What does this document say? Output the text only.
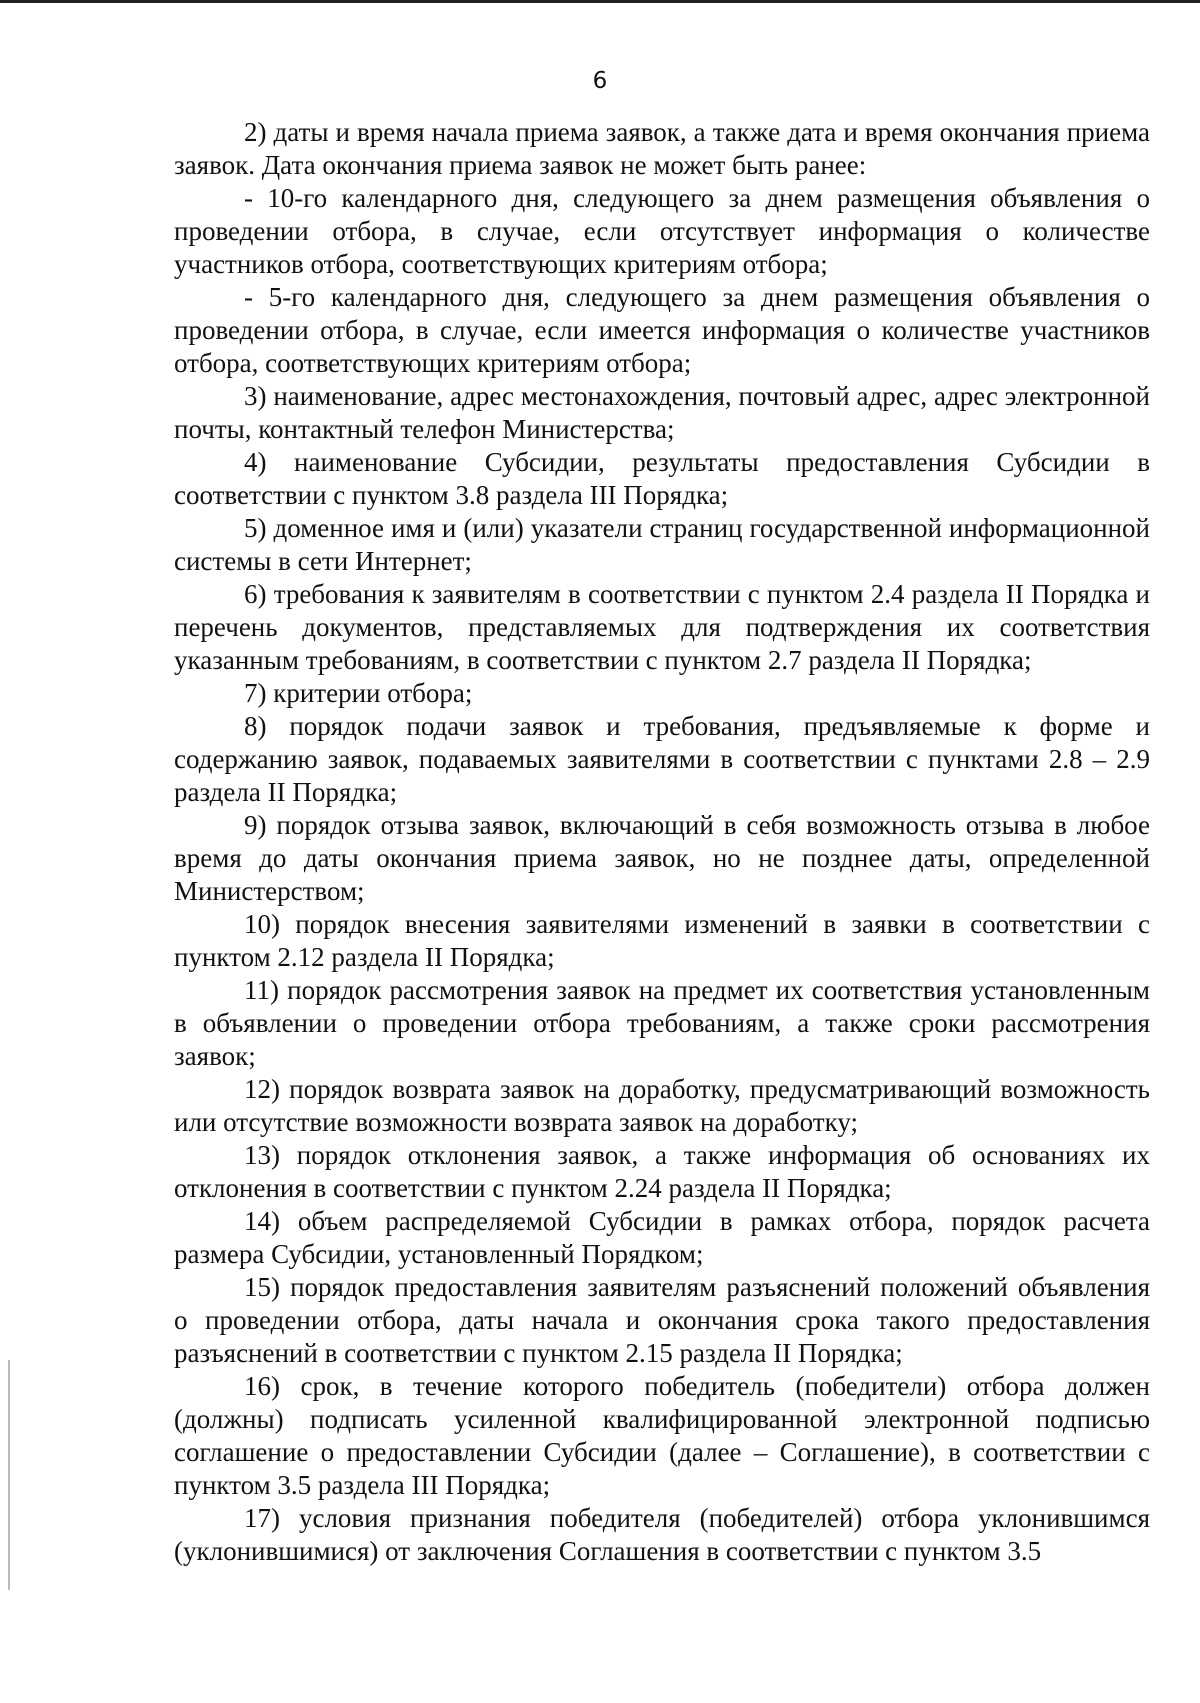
6

2) даты и время начала приема заявок, а также дата и время окончания приема заявок. Дата окончания приема заявок не может быть ранее:

- 10-го календарного дня, следующего за днем размещения объявления о проведении отбора, в случае, если отсутствует информация о количестве участников отбора, соответствующих критериям отбора;

- 5-го календарного дня, следующего за днем размещения объявления о проведении отбора, в случае, если имеется информация о количестве участников отбора, соответствующих критериям отбора;

3) наименование, адрес местонахождения, почтовый адрес, адрес электронной почты, контактный телефон Министерства;

4) наименование Субсидии, результаты предоставления Субсидии в соответствии с пунктом 3.8 раздела III Порядка;

5) доменное имя и (или) указатели страниц государственной информационной системы в сети Интернет;

6) требования к заявителям в соответствии с пунктом 2.4 раздела II Порядка и перечень документов, представляемых для подтверждения их соответствия указанным требованиям, в соответствии с пунктом 2.7 раздела II Порядка;

7) критерии отбора;

8) порядок подачи заявок и требования, предъявляемые к форме и содержанию заявок, подаваемых заявителями в соответствии с пунктами 2.8 – 2.9 раздела II Порядка;

9) порядок отзыва заявок, включающий в себя возможность отзыва в любое время до даты окончания приема заявок, но не позднее даты, определенной Министерством;

10) порядок внесения заявителями изменений в заявки в соответствии с пунктом 2.12 раздела II Порядка;

11) порядок рассмотрения заявок на предмет их соответствия установленным в объявлении о проведении отбора требованиям, а также сроки рассмотрения заявок;

12) порядок возврата заявок на доработку, предусматривающий возможность или отсутствие возможности возврата заявок на доработку;

13) порядок отклонения заявок, а также информация об основаниях их отклонения в соответствии с пунктом 2.24 раздела II Порядка;

14) объем распределяемой Субсидии в рамках отбора, порядок расчета размера Субсидии, установленный Порядком;

15) порядок предоставления заявителям разъяснений положений объявления о проведении отбора, даты начала и окончания срока такого предоставления разъяснений в соответствии с пунктом 2.15 раздела II Порядка;

16) срок, в течение которого победитель (победители) отбора должен (должны) подписать усиленной квалифицированной электронной подписью соглашение о предоставлении Субсидии (далее – Соглашение), в соответствии с пунктом 3.5 раздела III Порядка;

17) условия признания победителя (победителей) отбора уклонившимся (уклонившимися) от заключения Соглашения в соответствии с пунктом 3.5
